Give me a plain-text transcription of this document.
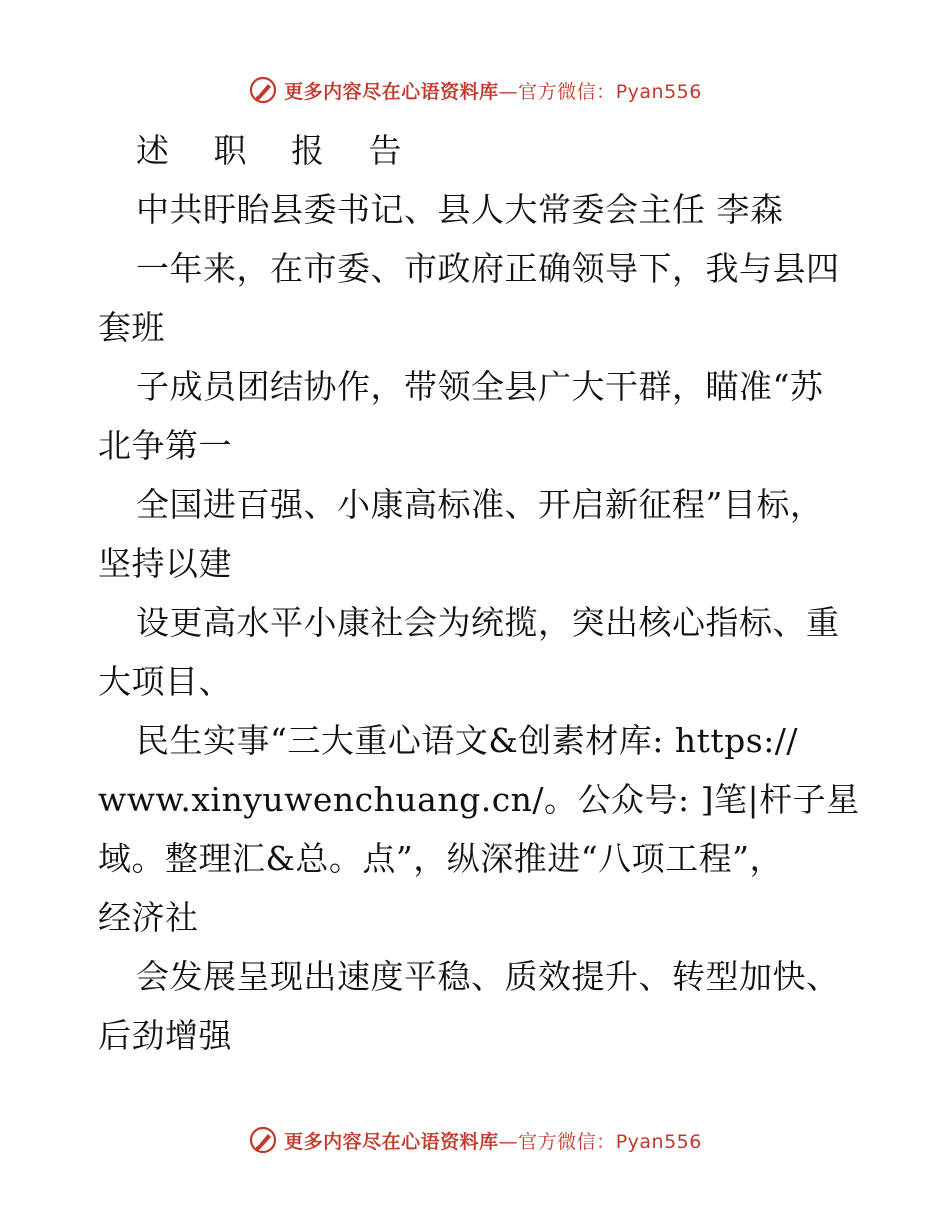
更多内容尽在心语资料库—官方微信：Pyan556
述 职 报 告
中共盱眙县委书记、县人大常委会主任 李森
一年来，在市委、市政府正确领导下，我与县四
套班
子成员团结协作，带领全县广大干群，瞄准“苏
北争第一
全国进百强、小康高标准、开启新征程”目标，
坚持以建
设更高水平小康社会为统揽，突出核心指标、重
大项目、
民生实事“三大重心语文&创素材库: https://
www.xinyuwenchuang.cn/。公众号: ]笔|杆子星
域。整理汇&总。点”，纵深推进“八项工程”，
经济社
会发展呈现出速度平稳、质效提升、转型加快、
后劲增强
更多内容尽在心语资料库—官方微信：Pyan556
